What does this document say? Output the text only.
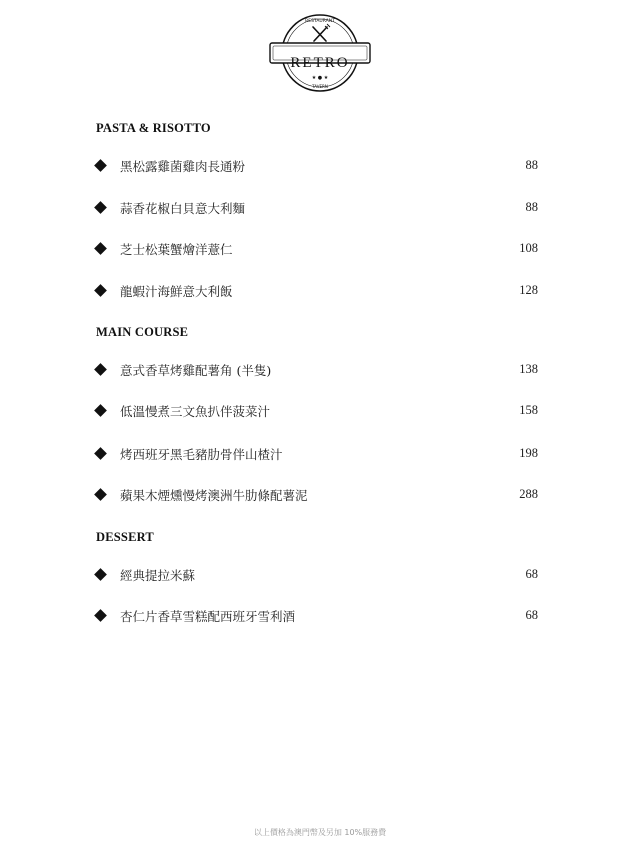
★ ● ★
RESTAURANT
TAVERN
RETRO
PASTA & RISOTTO
黑松露雞菌雞肉長通粉	88
蒜香花椒白貝意大利麵	88
芝士松葉蟹燴洋薏仁	108
龍蝦汁海鮮意大利飯	128
MAIN COURSE
意式香草烤雞配薯角 (半隻)	138
低溫慢煮三文魚扒伴菠菜汁	158
烤西班牙黑毛豬肋骨伴山楂汁	198
蘋果木煙燻慢烤澳洲牛肋條配薯泥	288
DESSERT
經典提拉米蘇	68
杏仁片香草雪糕配西班牙雪利酒	68
以上價格為澳門幣及另加 10%服務費
